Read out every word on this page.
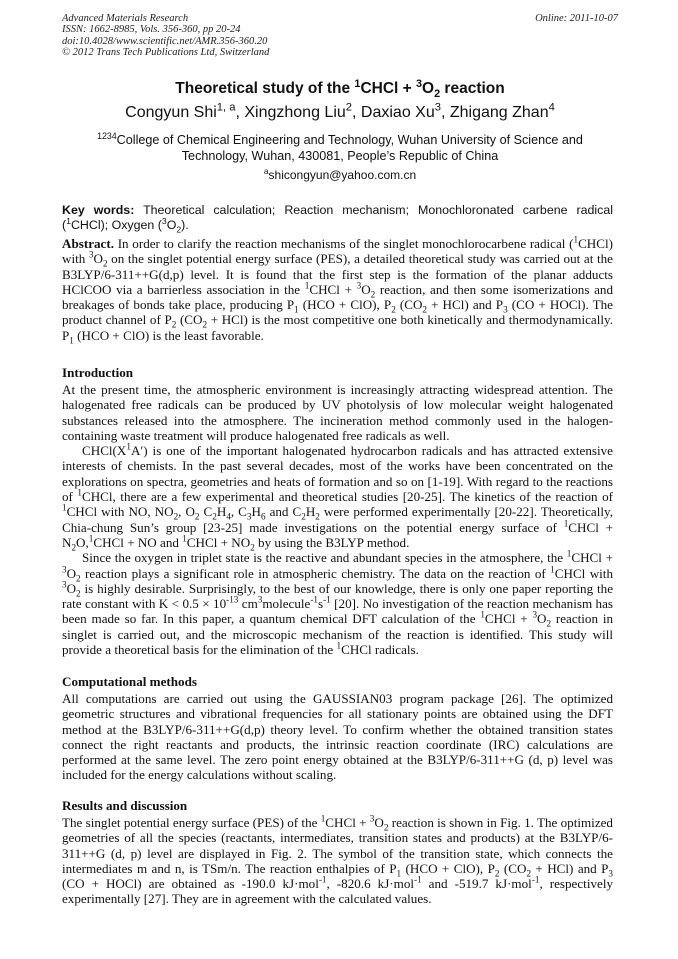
Advanced Materials Research
ISSN: 1662-8985, Vols. 356-360, pp 20-24
doi:10.4028/www.scientific.net/AMR.356-360.20
© 2012 Trans Tech Publications Ltd, Switzerland
Online: 2011-10-07
Theoretical study of the $^1$CHCl + $^3O_2$ reaction
Congyun Shi$^{1, a}$, Xingzhong Liu$^2$, Daxiao Xu$^3$, Zhigang Zhan$^4$
$^{1234}$College of Chemical Engineering and Technology, Wuhan University of Science and Technology, Wuhan, 430081, People’s Republic of China
$^a$shicongyun@yahoo.com.cn
Key words: Theoretical calculation; Reaction mechanism; Monochloronated carbene radical ($^1$CHCl); Oxygen $(^3O_2)$.

Abstract. In order to clarify the reaction mechanisms of the singlet monochlorocarbene radical ($^1$CHCl) with $^3O_2$ on the singlet potential energy surface (PES), a detailed theoretical study was carried out at the B3LYP/6-311++G(d,p) level. It is found that the first step is the formation of the planar adducts HClCOO via a barrierless association in the $^1$CHCl + $^3O_2$ reaction, and then some isomerizations and breakages of bonds take place, producing $P_1$ (HCO + ClO), $P_2$ $(CO_2 + HCl)$ and $P_3$ (CO + HOCl). The product channel of $P_2$ $(CO_2 + HCl)$ is the most competitive one both kinetically and thermodynamically. $P_1$ (HCO + ClO) is the least favorable.

Introduction

At the present time, the atmospheric environment is increasingly attracting widespread attention. The halogenated free radicals can be produced by UV photolysis of low molecular weight halogenated substances released into the atmosphere. The incineration method commonly used in the halogen-containing waste treatment will produce halogenated free radicals as well.

$CHCl(X^1A')$ is one of the important halogenated hydrocarbon radicals and has attracted extensive interests of chemists. In the past several decades, most of the works have been concentrated on the explorations on spectra, geometries and heats of formation and so on [1-19]. With regard to the reactions of $^1$CHCl, there are a few experimental and theoretical studies [20-25]. The kinetics of the reaction of $^1$CHCl with NO, $NO_2$, $O_2$ $C_2H_4$, $C_3H_6$ and $C_2H_2$ were performed experimentally [20-22]. Theoretically, Chia-chung Sun’s group [23-25] made investigations on the potential energy surface of $^1$CHCl + $N_2O,^1CHCl$ + NO and $^1$CHCl + $NO_2$ by using the B3LYP method.

Since the oxygen in triplet state is the reactive and abundant species in the atmosphere, the $^1$CHCl + $^3O_2$ reaction plays a significant role in atmospheric chemistry. The data on the reaction of $^1$CHCl with $^3O_2$ is highly desirable. Surprisingly, to the best of our knowledge, there is only one paper reporting the rate constant with $K < 0.5 \times 10^{-13}$ $cm^3molecule^{-1}s^{-1}$ [20]. No investigation of the reaction mechanism has been made so far. In this paper, a quantum chemical DFT calculation of the $^1$CHCl + $^3O_2$ reaction in singlet is carried out, and the microscopic mechanism of the reaction is identified. This study will provide a theoretical basis for the elimination of the $^1$CHCl radicals.

Computational methods

All computations are carried out using the GAUSSIAN03 program package [26]. The optimized geometric structures and vibrational frequencies for all stationary points are obtained using the DFT method at the B3LYP/6-311++G(d,p) theory level. To confirm whether the obtained transition states connect the right reactants and products, the intrinsic reaction coordinate (IRC) calculations are performed at the same level. The zero point energy obtained at the B3LYP/6-311++G (d, p) level was included for the energy calculations without scaling.

Results and discussion

The singlet potential energy surface (PES) of the $^1$CHCl + $^3O_2$ reaction is shown in Fig. 1. The optimized geometries of all the species (reactants, intermediates, transition states and products) at the B3LYP/6-311++G (d, p) level are displayed in Fig. 2. The symbol of the transition state, which connects the intermediates m and n, is TSm/n. The reaction enthalpies of $P_1$ (HCO + ClO), $P_2$ $(CO_2 + HCl)$ and $P_3$ (CO + HOCl) are obtained as -190.0 kJ·mol$^{-1}$, -820.6 kJ·mol$^{-1}$ and -519.7 kJ·mol$^{-1}$, respectively experimentally [27]. They are in agreement with the calculated values.
